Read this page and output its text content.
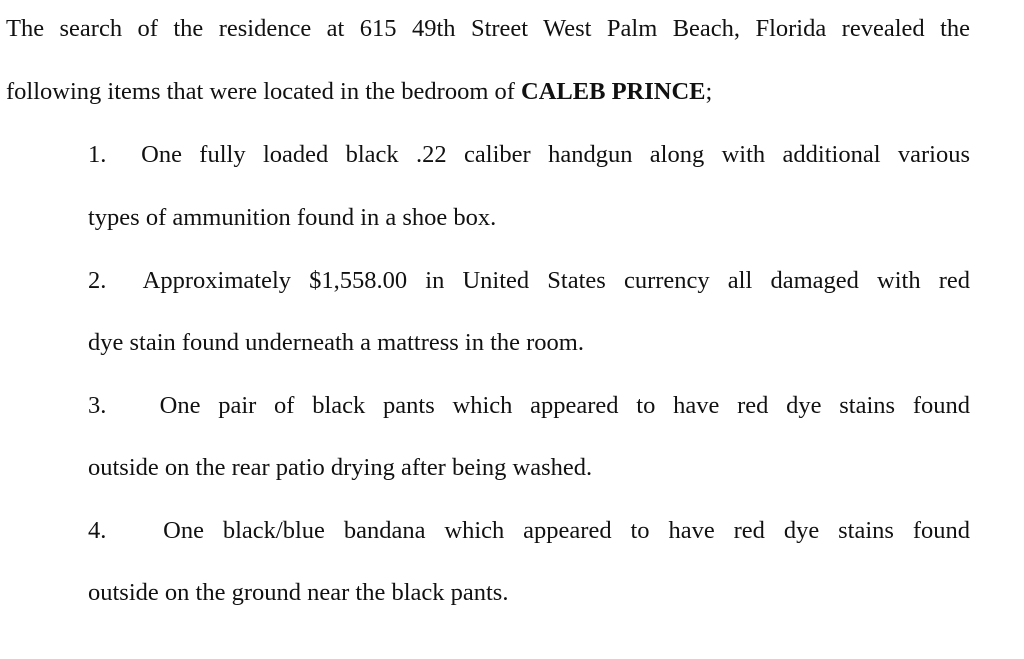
The search of the residence at 615 49th Street West Palm Beach, Florida revealed the
following items that were located in the bedroom of CALEB PRINCE;
1. One fully loaded black .22 caliber handgun along with additional various
types of ammunition found in a shoe box.
2. Approximately $1,558.00 in United States currency all damaged with red
dye stain found underneath a mattress in the room.
3. One pair of black pants which appeared to have red dye stains found
outside on the rear patio drying after being washed.
4. One black/blue bandana which appeared to have red dye stains found
outside on the ground near the black pants.
